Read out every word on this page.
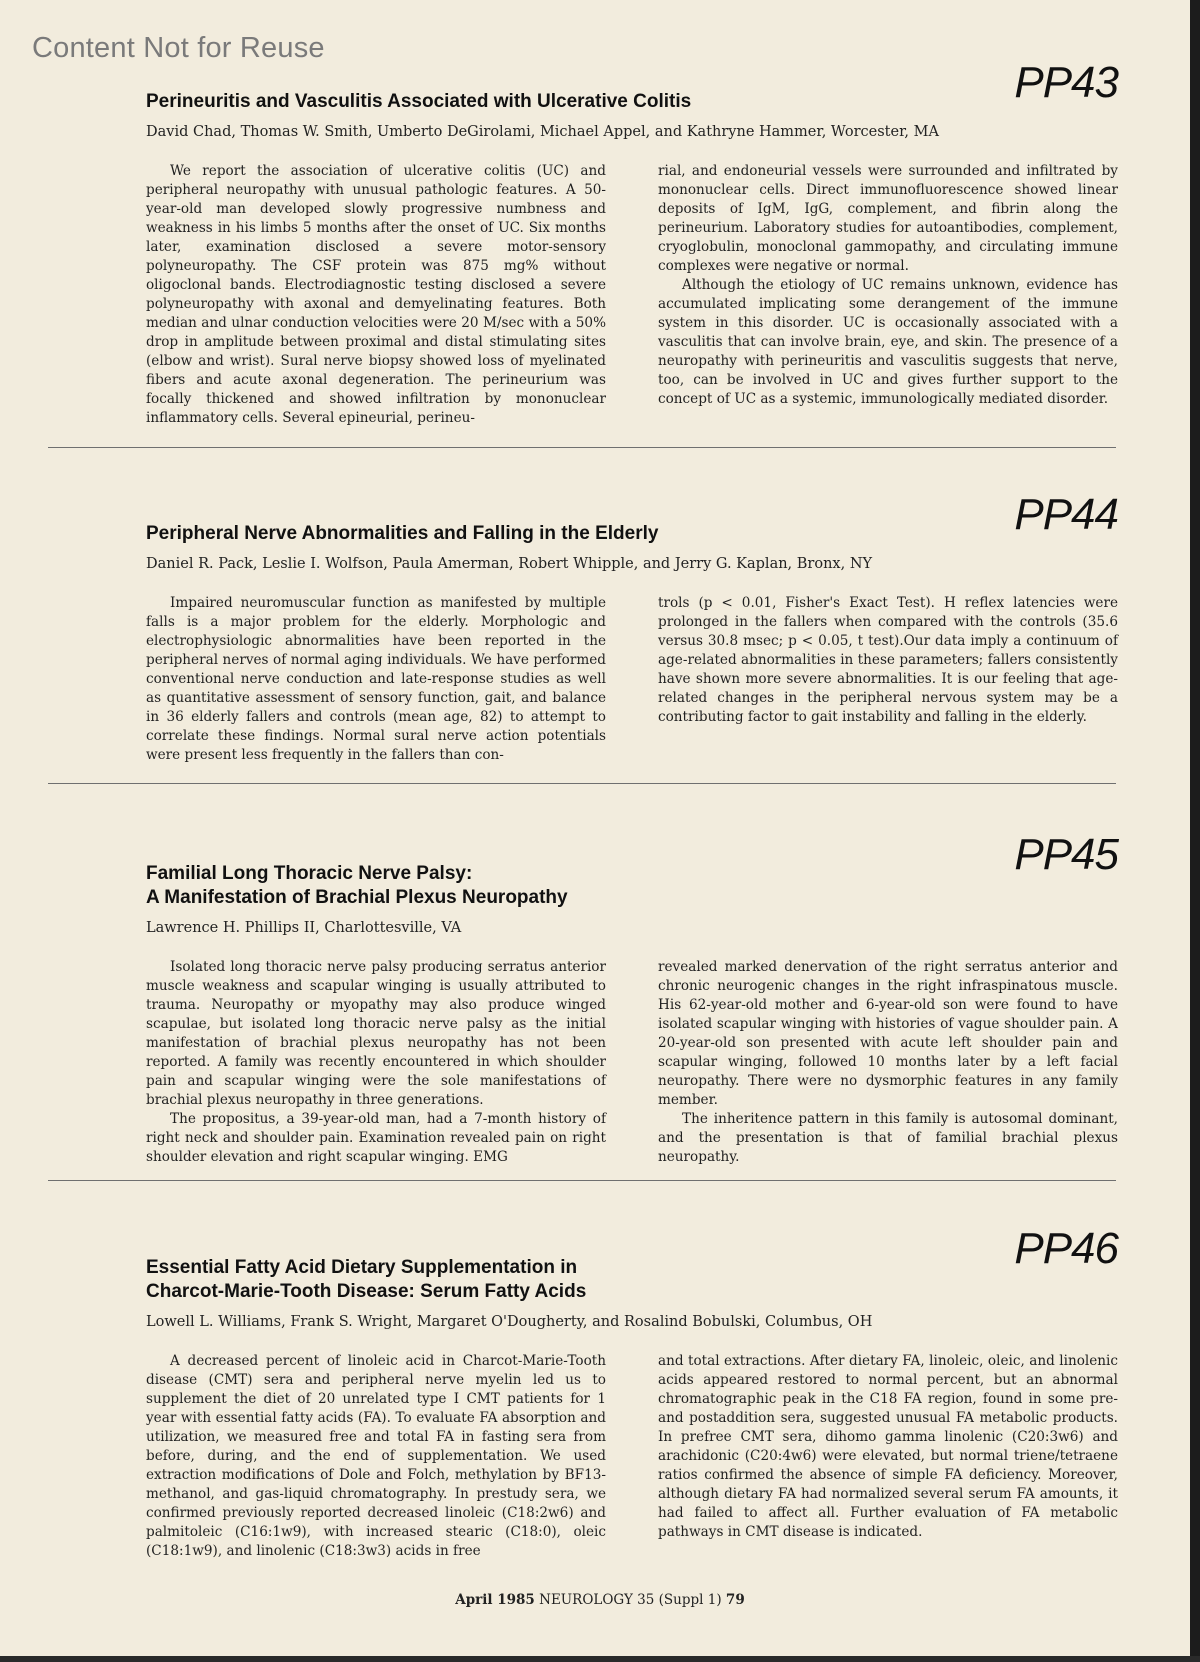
Content Not for Reuse
PP43
Perineuritis and Vasculitis Associated with Ulcerative Colitis
David Chad, Thomas W. Smith, Umberto DeGirolami, Michael Appel, and Kathryne Hammer, Worcester, MA

We report the association of ulcerative colitis (UC) and peripheral neuropathy with unusual pathologic features. A 50-year-old man developed slowly progressive numbness and weakness in his limbs 5 months after the onset of UC. Six months later, examination disclosed a severe motor-sensory polyneuropathy. The CSF protein was 875 mg% without oligoclonal bands. Electrodiagnostic testing disclosed a severe polyneuropathy with axonal and demyelinating features. Both median and ulnar conduction velocities were 20 M/sec with a 50% drop in amplitude between proximal and distal stimulating sites (elbow and wrist). Sural nerve biopsy showed loss of myelinated fibers and acute axonal degeneration. The perineurium was focally thickened and showed infiltration by mononuclear inflammatory cells. Several epineurial, perineu-

rial, and endoneurial vessels were surrounded and infiltrated by mononuclear cells. Direct immunofluorescence showed linear deposits of IgM, IgG, complement, and fibrin along the perineurium. Laboratory studies for autoantibodies, complement, cryoglobulin, monoclonal gammopathy, and circulating immune complexes were negative or normal.

Although the etiology of UC remains unknown, evidence has accumulated implicating some derangement of the immune system in this disorder. UC is occasionally associated with a vasculitis that can involve brain, eye, and skin. The presence of a neuropathy with perineuritis and vasculitis suggests that nerve, too, can be involved in UC and gives further support to the concept of UC as a systemic, immunologically mediated disorder.

PP44
Peripheral Nerve Abnormalities and Falling in the Elderly
Daniel R. Pack, Leslie I. Wolfson, Paula Amerman, Robert Whipple, and Jerry G. Kaplan, Bronx, NY

Impaired neuromuscular function as manifested by multiple falls is a major problem for the elderly. Morphologic and electrophysiologic abnormalities have been reported in the peripheral nerves of normal aging individuals. We have performed conventional nerve conduction and late-response studies as well as quantitative assessment of sensory function, gait, and balance in 36 elderly fallers and controls (mean age, 82) to attempt to correlate these findings. Normal sural nerve action potentials were present less frequently in the fallers than con-

trols (p < 0.01, Fisher's Exact Test). H reflex latencies were prolonged in the fallers when compared with the controls (35.6 versus 30.8 msec; p < 0.05, t test).Our data imply a continuum of age-related abnormalities in these parameters; fallers consistently have shown more severe abnormalities. It is our feeling that age-related changes in the peripheral nervous system may be a contributing factor to gait instability and falling in the elderly.

PP45
Familial Long Thoracic Nerve Palsy:
A Manifestation of Brachial Plexus Neuropathy
Lawrence H. Phillips II, Charlottesville, VA

Isolated long thoracic nerve palsy producing serratus anterior muscle weakness and scapular winging is usually attributed to trauma. Neuropathy or myopathy may also produce winged scapulae, but isolated long thoracic nerve palsy as the initial manifestation of brachial plexus neuropathy has not been reported. A family was recently encountered in which shoulder pain and scapular winging were the sole manifestations of brachial plexus neuropathy in three generations.

The propositus, a 39-year-old man, had a 7-month history of right neck and shoulder pain. Examination revealed pain on right shoulder elevation and right scapular winging. EMG

revealed marked denervation of the right serratus anterior and chronic neurogenic changes in the right infraspinatous muscle. His 62-year-old mother and 6-year-old son were found to have isolated scapular winging with histories of vague shoulder pain. A 20-year-old son presented with acute left shoulder pain and scapular winging, followed 10 months later by a left facial neuropathy. There were no dysmorphic features in any family member.

The inheritence pattern in this family is autosomal dominant, and the presentation is that of familial brachial plexus neuropathy.

PP46
Essential Fatty Acid Dietary Supplementation in
Charcot-Marie-Tooth Disease: Serum Fatty Acids
Lowell L. Williams, Frank S. Wright, Margaret O'Dougherty, and Rosalind Bobulski, Columbus, OH

A decreased percent of linoleic acid in Charcot-Marie-Tooth disease (CMT) sera and peripheral nerve myelin led us to supplement the diet of 20 unrelated type I CMT patients for 1 year with essential fatty acids (FA). To evaluate FA absorption and utilization, we measured free and total FA in fasting sera from before, during, and the end of supplementation. We used extraction modifications of Dole and Folch, methylation by BF13-methanol, and gas-liquid chromatography. In prestudy sera, we confirmed previously reported decreased linoleic (C18:2w6) and palmitoleic (C16:1w9), with increased stearic (C18:0), oleic (C18:1w9), and linolenic (C18:3w3) acids in free

and total extractions. After dietary FA, linoleic, oleic, and linolenic acids appeared restored to normal percent, but an abnormal chromatographic peak in the C18 FA region, found in some pre- and postaddition sera, suggested unusual FA metabolic products. In prefree CMT sera, dihomo gamma linolenic (C20:3w6) and arachidonic (C20:4w6) were elevated, but normal triene/tetraene ratios confirmed the absence of simple FA deficiency. Moreover, although dietary FA had normalized several serum FA amounts, it had failed to affect all. Further evaluation of FA metabolic pathways in CMT disease is indicated.

April 1985 NEUROLOGY 35 (Suppl 1) 79
